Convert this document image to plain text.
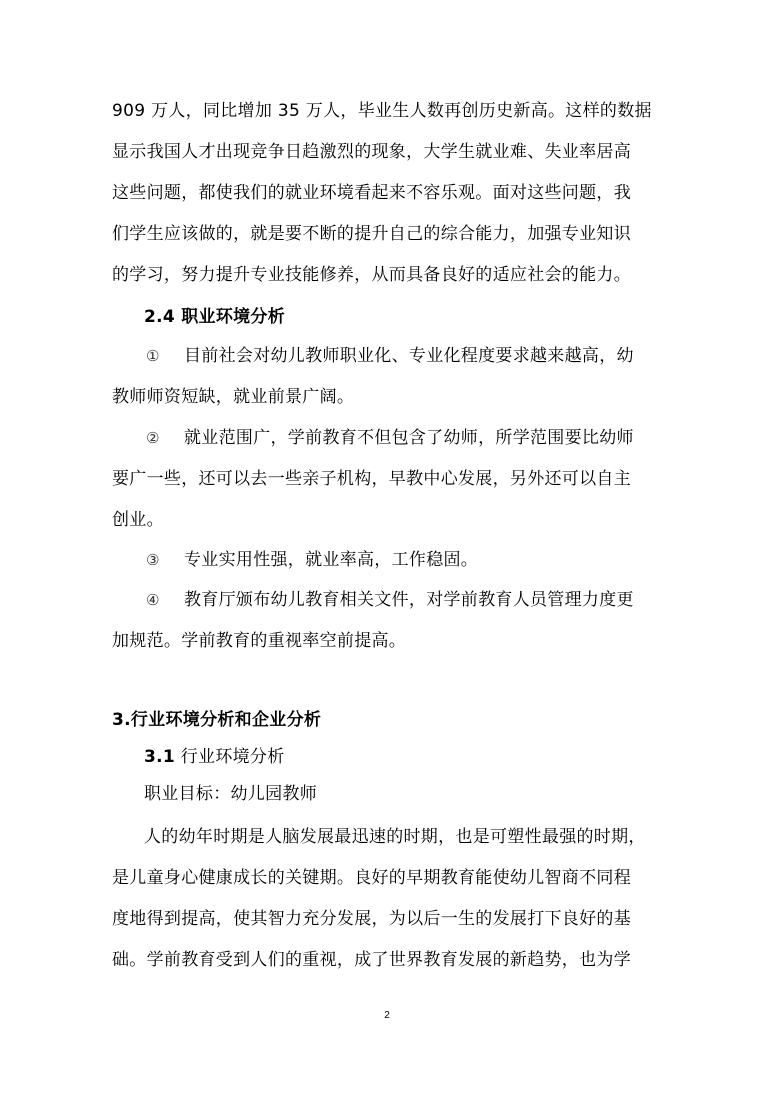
909 万人，同比增加 35 万人，毕业生人数再创历史新高。这样的数据

显示我国人才出现竞争日趋激烈的现象，大学生就业难、失业率居高

这些问题，都使我们的就业环境看起来不容乐观。面对这些问题，我

们学生应该做的，就是要不断的提升自己的综合能力，加强专业知识

的学习，努力提升专业技能修养，从而具备良好的适应社会的能力。

2.4 职业环境分析

① 目前社会对幼儿教师职业化、专业化程度要求越来越高，幼

教师师资短缺，就业前景广阔。

② 就业范围广，学前教育不但包含了幼师，所学范围要比幼师

要广一些，还可以去一些亲子机构，早教中心发展，另外还可以自主

创业。

③ 专业实用性强，就业率高，工作稳固。

④ 教育厅颁布幼儿教育相关文件，对学前教育人员管理力度更

加规范。学前教育的重视率空前提高。

3.行业环境分析和企业分析

3.1 行业环境分析

职业目标：幼儿园教师

人的幼年时期是人脑发展最迅速的时期，也是可塑性最强的时期，

是儿童身心健康成长的关键期。良好的早期教育能使幼儿智商不同程

度地得到提高，使其智力充分发展，为以后一生的发展打下良好的基

础。学前教育受到人们的重视，成了世界教育发展的新趋势，也为学

2
